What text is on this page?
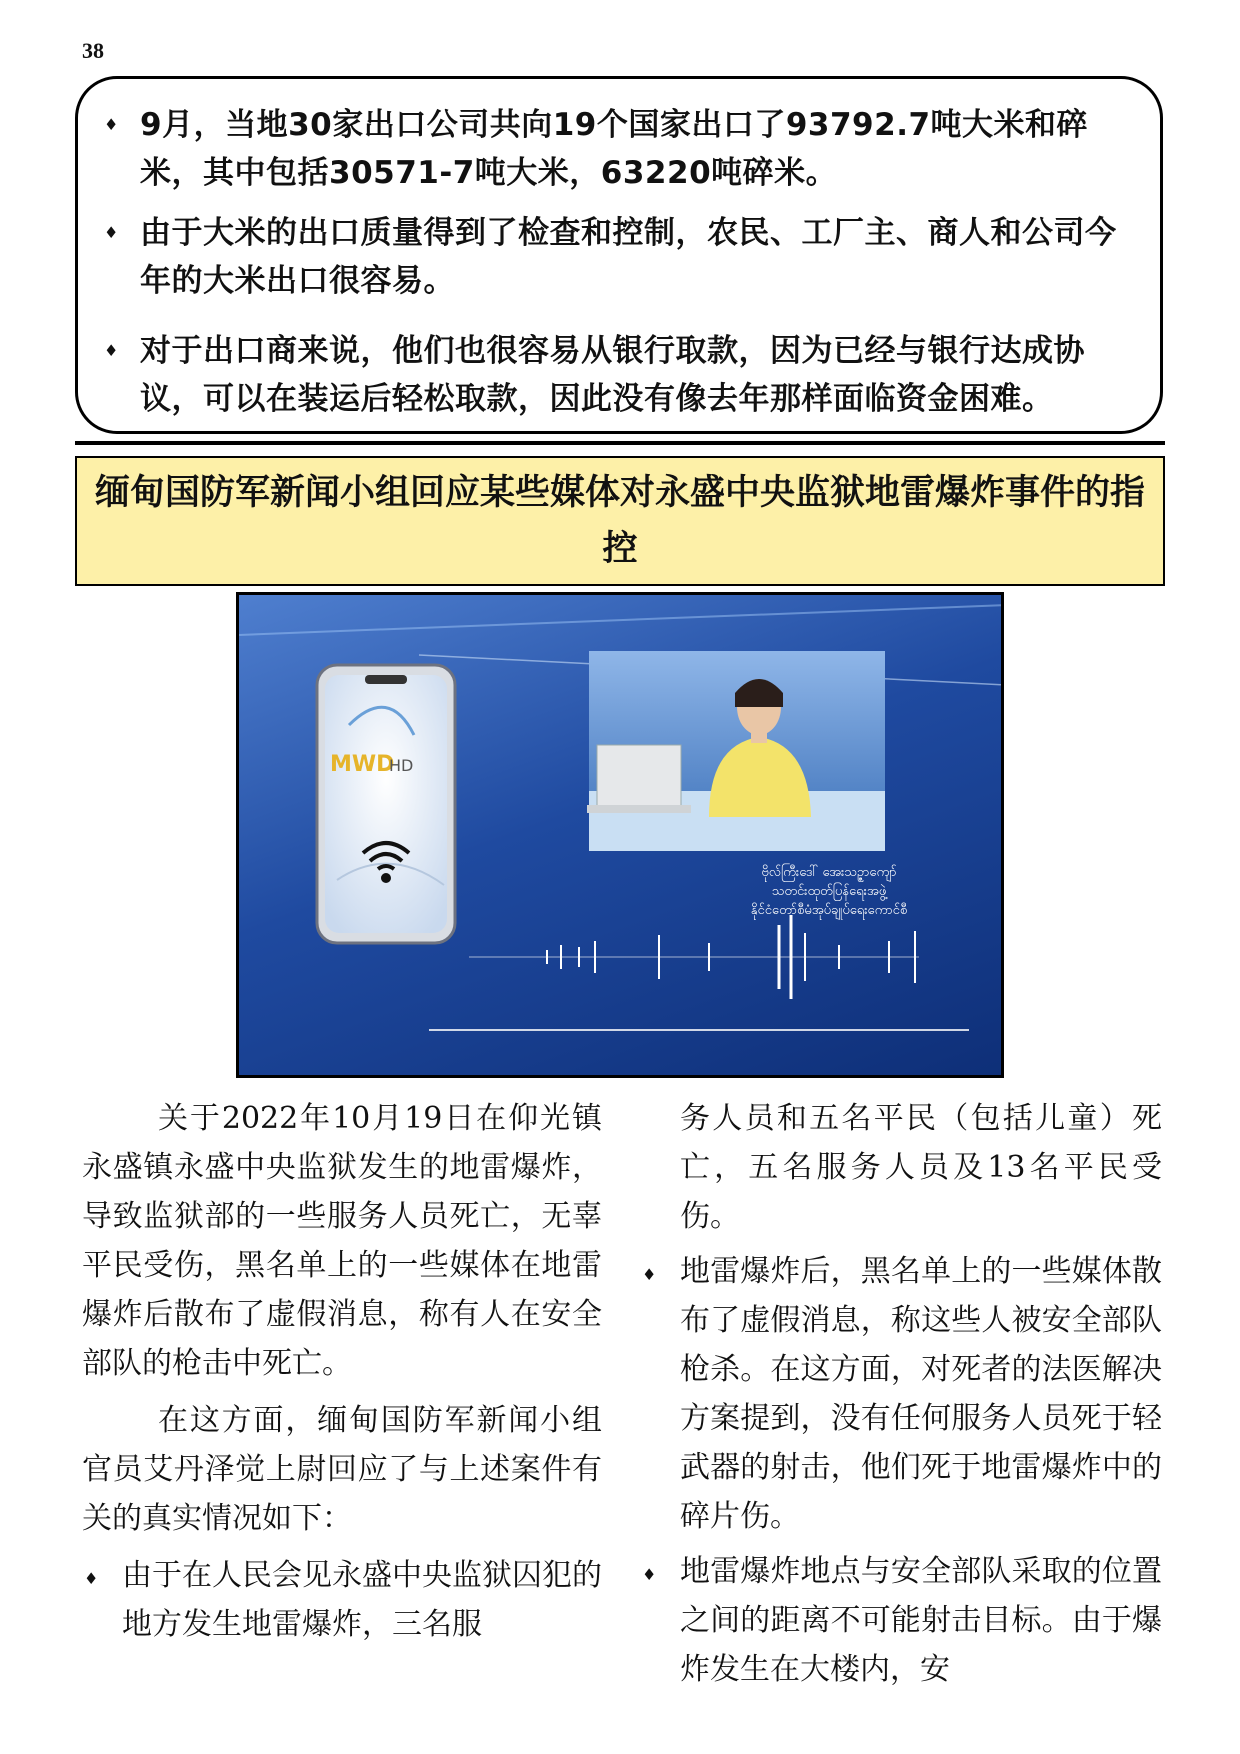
38
♦ 9月，当地30家出口公司共向19个国家出口了93792.7吨大米和碎米，其中包括30571-7吨大米，63220吨碎米。
♦ 由于大米的出口质量得到了检查和控制，农民、工厂主、商人和公司今年的大米出口很容易。
♦ 对于出口商来说，他们也很容易从银行取款，因为已经与银行达成协议，可以在装运后轻松取款，因此没有像去年那样面临资金困难。
缅甸国防军新闻小组回应某些媒体对永盛中央监狱地雷爆炸事件的指控
MWD
HD
ဗိုလ်ကြီးဒေါ် အေးသဉ္ဇာကျော်
သတင်းထုတ်ပြန်ရေးအဖွဲ့
နိုင်ငံတော်စီမံအုပ်ချုပ်ရေးကောင်စီ

关于2022年10月19日在仰光镇永盛镇永盛中央监狱发生的地雷爆炸，导致监狱部的一些服务人员死亡，无辜平民受伤，黑名单上的一些媒体在地雷爆炸后散布了虚假消息，称有人在安全部队的枪击中死亡。

在这方面，缅甸国防军新闻小组官员艾丹泽觉上尉回应了与上述案件有关的真实情况如下：

♦ 由于在人民会见永盛中央监狱囚犯的地方发生地雷爆炸，三名服

务人员和五名平民（包括儿童）死亡，五名服务人员及13名平民受伤。

♦ 地雷爆炸后，黑名单上的一些媒体散布了虚假消息，称这些人被安全部队枪杀。在这方面，对死者的法医解决方案提到，没有任何服务人员死于轻武器的射击，他们死于地雷爆炸中的碎片伤。

♦ 地雷爆炸地点与安全部队采取的位置之间的距离不可能射击目标。由于爆炸发生在大楼内，安
